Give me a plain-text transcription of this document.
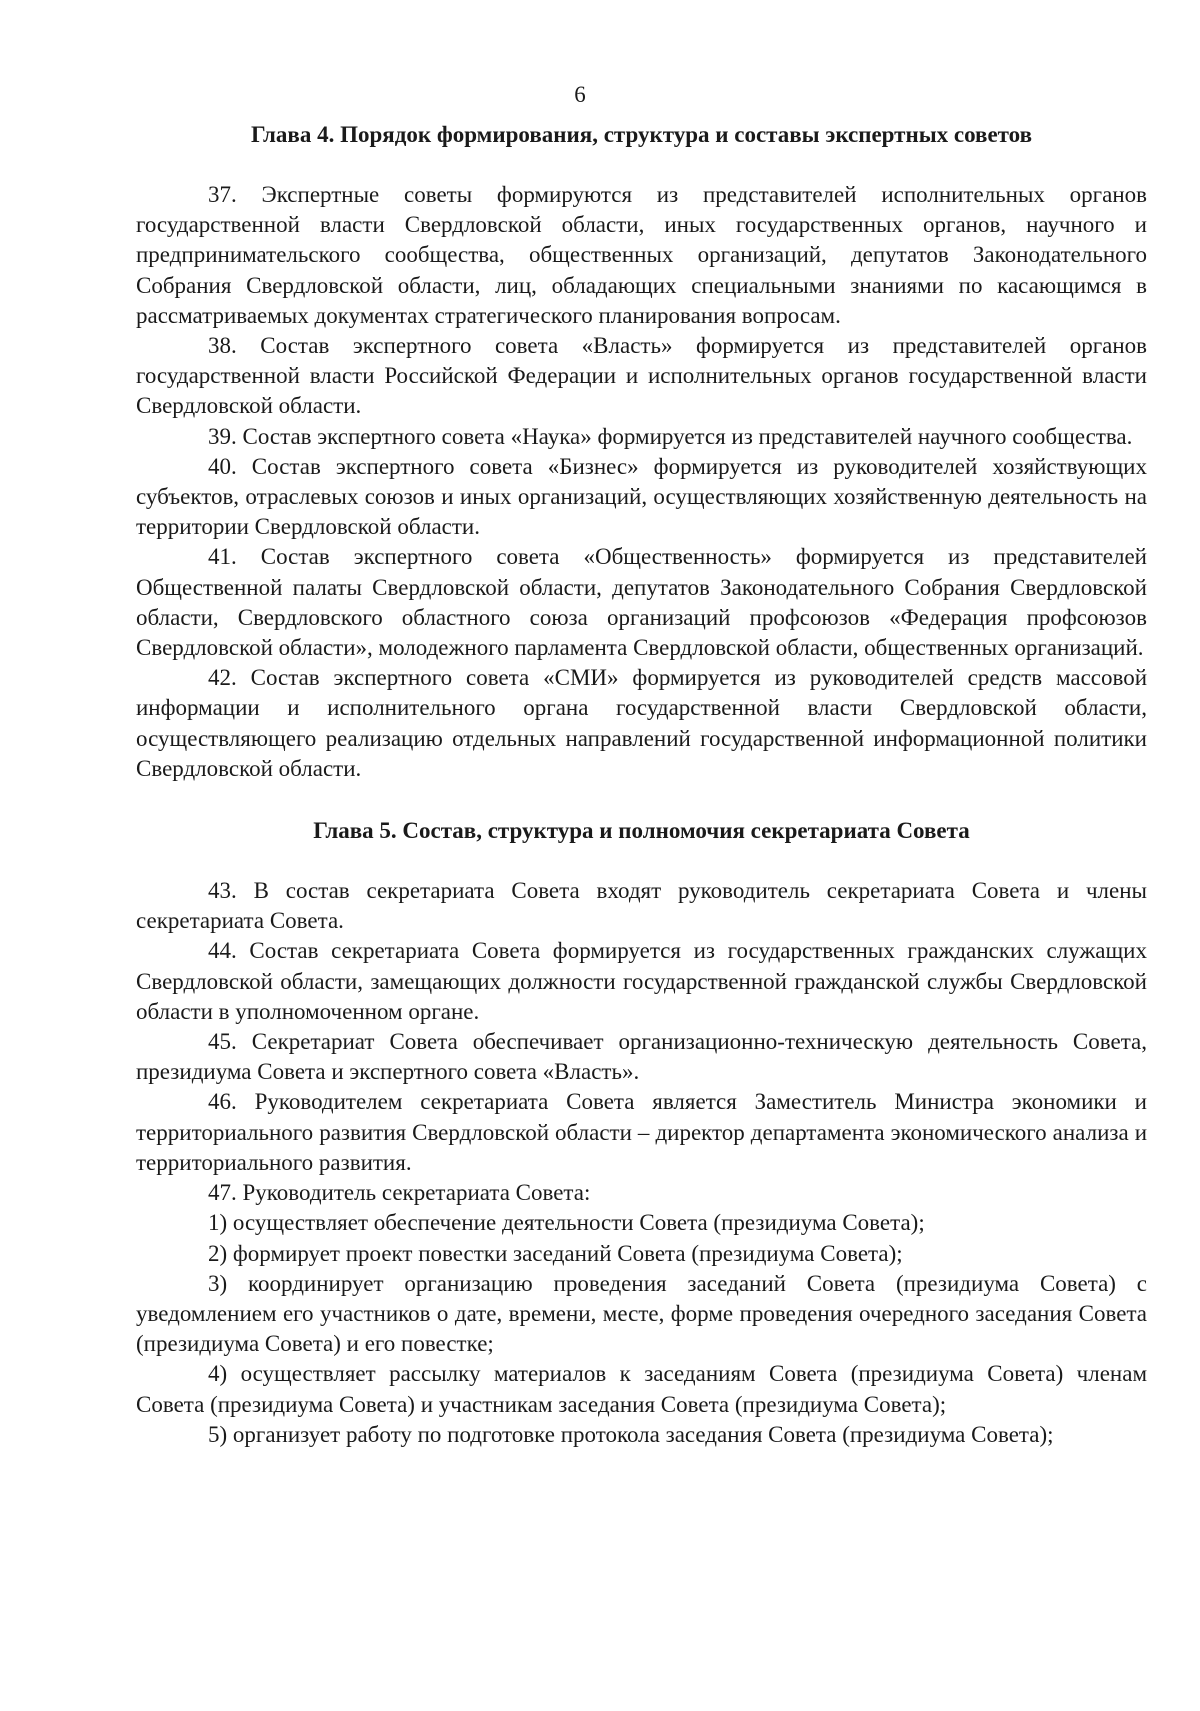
6
Глава 4. Порядок формирования, структура и составы экспертных советов

37. Экспертные советы формируются из представителей исполнительных органов государственной власти Свердловской области, иных государственных органов, научного и предпринимательского сообщества, общественных организаций, депутатов Законодательного Собрания Свердловской области, лиц, обладающих специальными знаниями по касающимся в рассматриваемых документах стратегического планирования вопросам.

38. Состав экспертного совета «Власть» формируется из представителей органов государственной власти Российской Федерации и исполнительных органов государственной власти Свердловской области.

39. Состав экспертного совета «Наука» формируется из представителей научного сообщества.

40. Состав экспертного совета «Бизнес» формируется из руководителей хозяйствующих субъектов, отраслевых союзов и иных организаций, осуществляющих хозяйственную деятельность на территории Свердловской области.

41. Состав экспертного совета «Общественность» формируется из представителей Общественной палаты Свердловской области, депутатов Законодательного Собрания Свердловской области, Свердловского областного союза организаций профсоюзов «Федерация профсоюзов Свердловской области», молодежного парламента Свердловской области, общественных организаций.

42. Состав экспертного совета «СМИ» формируется из руководителей средств массовой информации и исполнительного органа государственной власти Свердловской области, осуществляющего реализацию отдельных направлений государственной информационной политики Свердловской области.

Глава 5. Состав, структура и полномочия секретариата Совета

43. В состав секретариата Совета входят руководитель секретариата Совета и члены секретариата Совета.

44. Состав секретариата Совета формируется из государственных гражданских служащих Свердловской области, замещающих должности государственной гражданской службы Свердловской области в уполномоченном органе.

45. Секретариат Совета обеспечивает организационно-техническую деятельность Совета, президиума Совета и экспертного совета «Власть».

46. Руководителем секретариата Совета является Заместитель Министра экономики и территориального развития Свердловской области – директор департамента экономического анализа и территориального развития.

47. Руководитель секретариата Совета:

1) осуществляет обеспечение деятельности Совета (президиума Совета);

2) формирует проект повестки заседаний Совета (президиума Совета);

3) координирует организацию проведения заседаний Совета (президиума Совета) с уведомлением его участников о дате, времени, месте, форме проведения очередного заседания Совета (президиума Совета) и его повестке;

4) осуществляет рассылку материалов к заседаниям Совета (президиума Совета) членам Совета (президиума Совета) и участникам заседания Совета (президиума Совета);

5) организует работу по подготовке протокола заседания Совета (президиума Совета);
